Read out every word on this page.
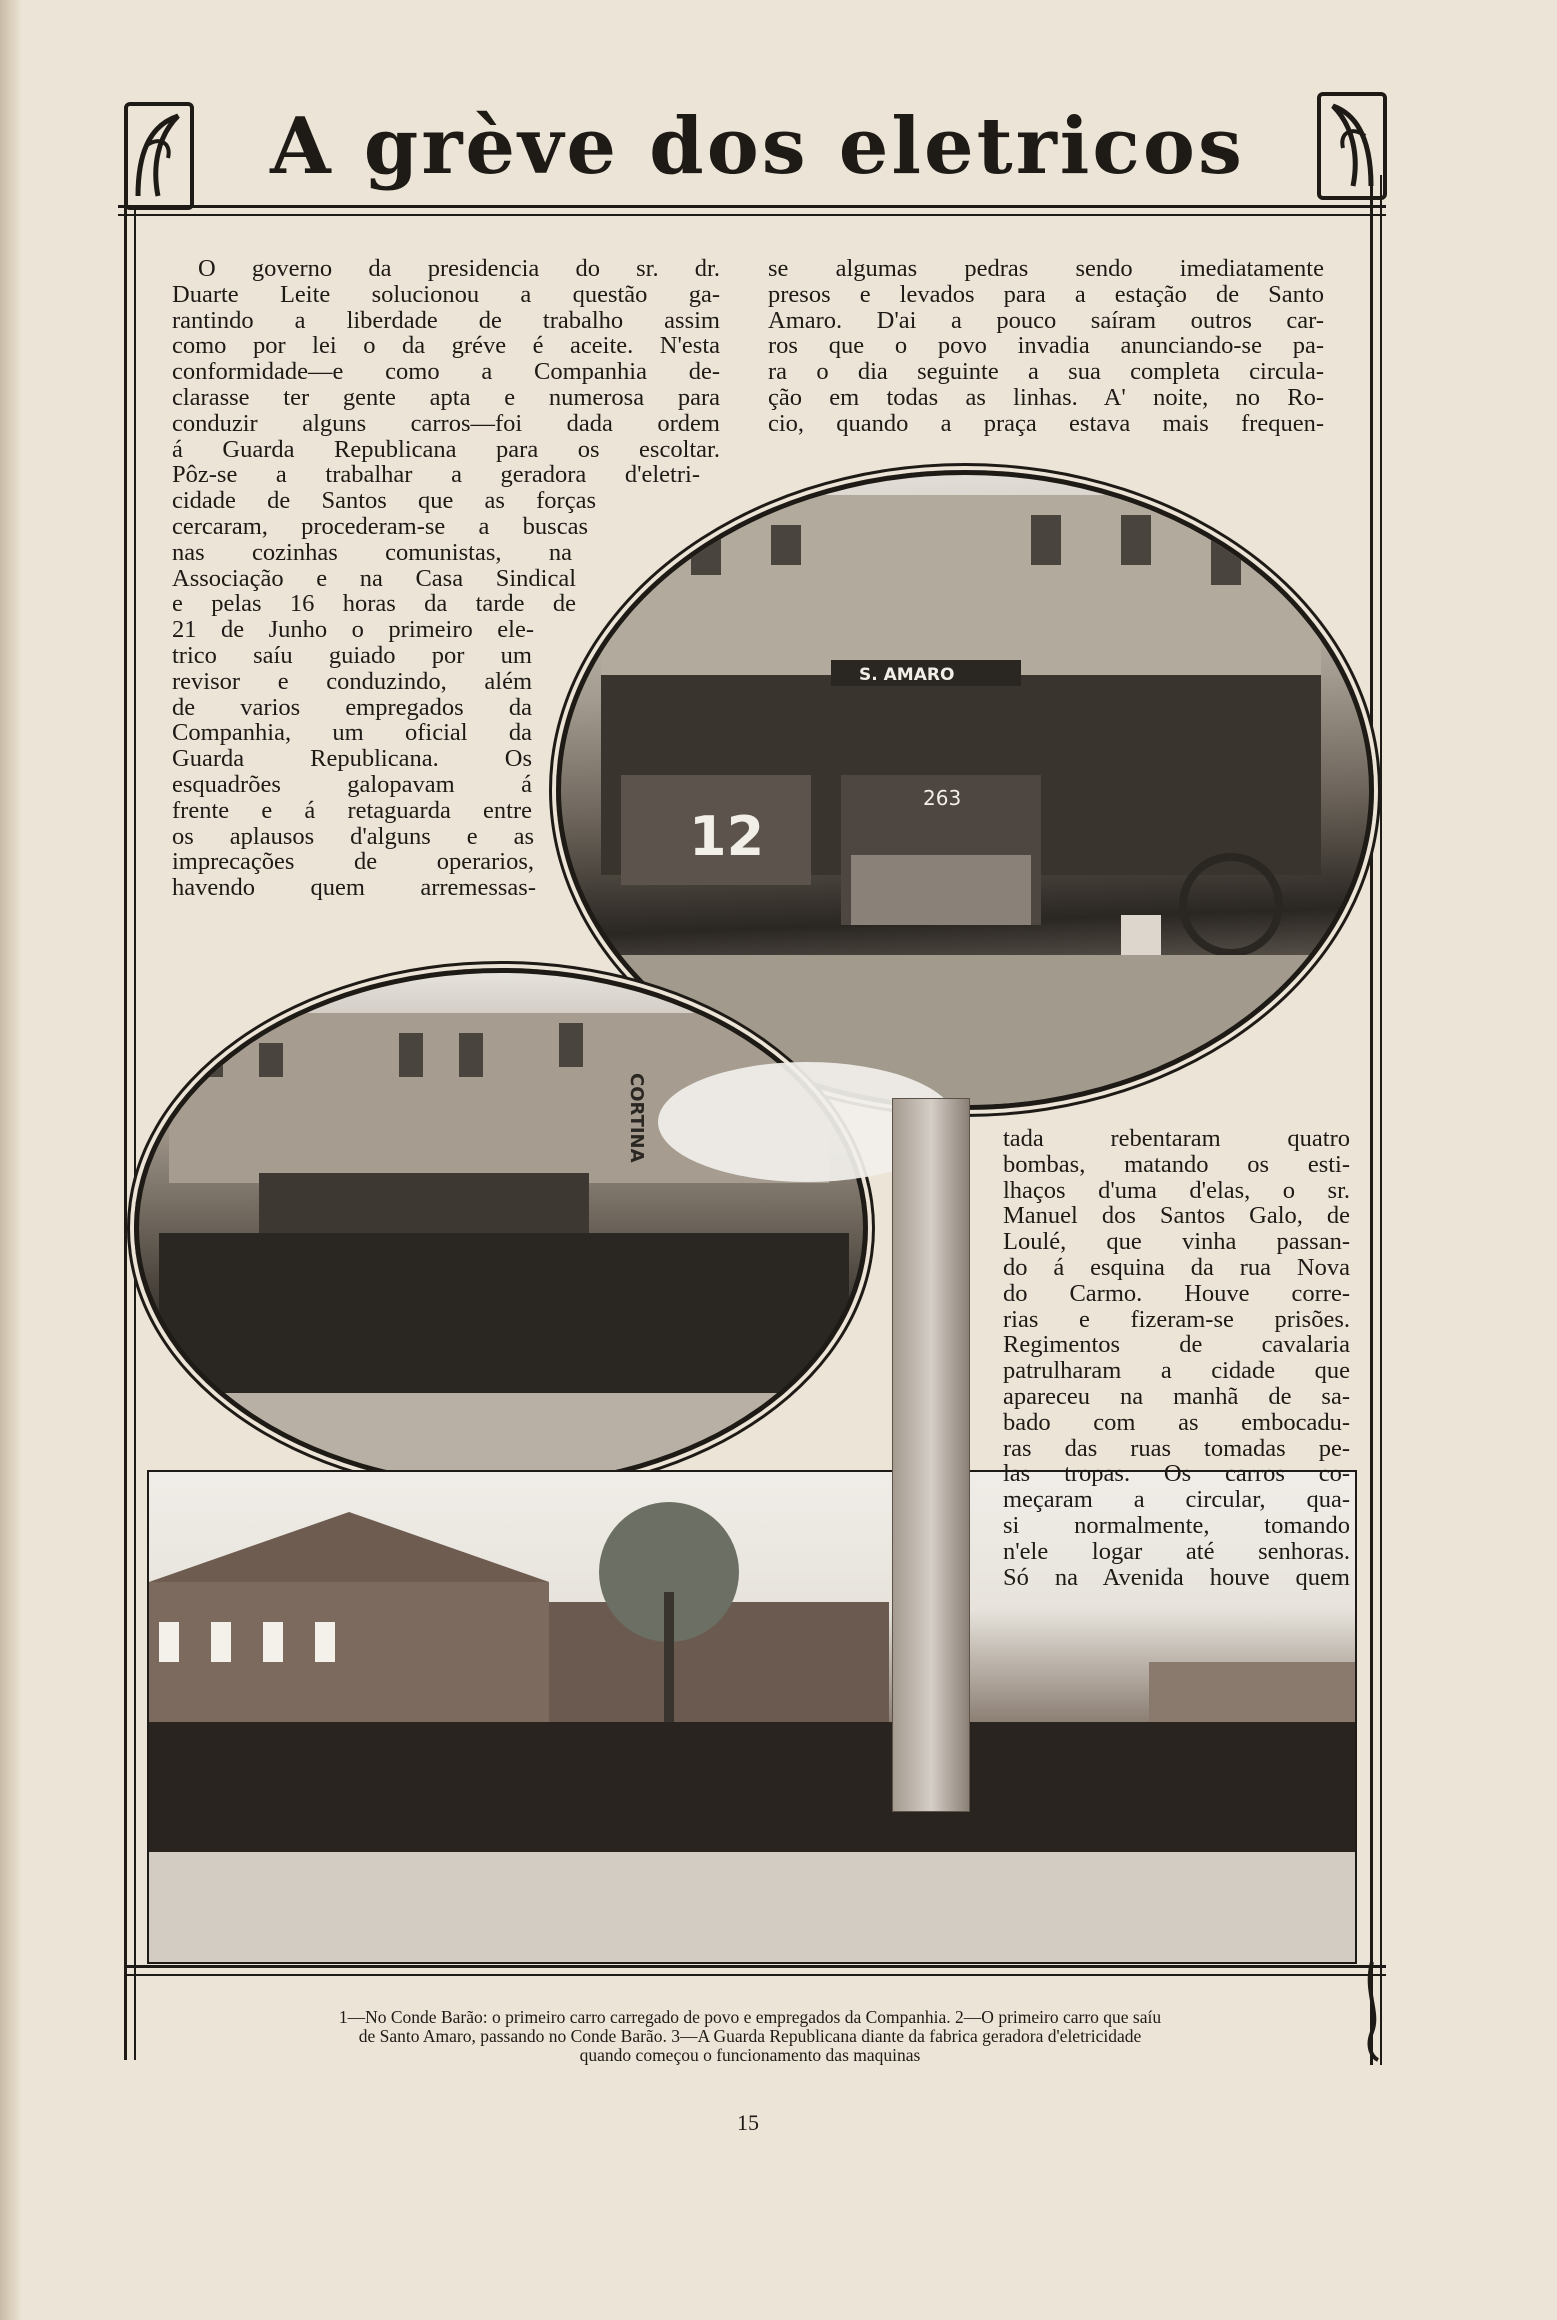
A grève dos eletricos
O governo da presidencia do sr. dr.
Duarte Leite solucionou a questão ga-
rantindo a liberdade de trabalho assim
como por lei o da gréve é aceite. N'esta
conformidade—e como a Companhia de-
clarasse ter gente apta e numerosa para
conduzir alguns carros—foi dada ordem
á Guarda Republicana para os escoltar.
Pôz-se a trabalhar a geradora d'eletri-
cidade de Santos que as forças
cercaram, procederam-se a buscas
nas cozinhas comunistas, na
Associação e na Casa Sindical
e pelas 16 horas da tarde de
21 de Junho o primeiro ele-
trico saíu guiado por um
revisor e conduzindo, além
de varios empregados da
Companhia, um oficial da
Guarda Republicana. Os
esquadrões galopavam á
frente e á retaguarda entre
os aplausos d'alguns e as
imprecações de operarios,
havendo quem arremessas-
se algumas pedras sendo imediatamente
presos e levados para a estação de Santo
Amaro. D'ai a pouco saíram outros car-
ros que o povo invadia anunciando-se pa-
ra o dia seguinte a sua completa circula-
ção em todas as linhas. A' noite, no Ro-
cio, quando a praça estava mais frequen-
12
S. AMARO
263
CORTINA	tada rebentaram quatro
bombas, matando os esti-
lhaços d'uma d'elas, o sr.
Manuel dos Santos Galo, de
Loulé, que vinha passan-
do á esquina da rua Nova
do Carmo. Houve corre-
rias e fizeram-se prisões.
Regimentos de cavalaria
patrulharam a cidade que
apareceu na manhã de sa-
bado com as embocadu-
ras das ruas tomadas pe-
las tropas. Os carros co-
meçaram a circular, qua-
si normalmente, tomando
n'ele logar até senhoras.
Só na Avenida houve quem
1—No Conde Barão: o primeiro carro carregado de povo e empregados da Companhia. 2—O primeiro carro que saíu
de Santo Amaro, passando no Conde Barão. 3—A Guarda Republicana diante da fabrica geradora d'eletricidade
quando começou o funcionamento das maquinas
15
